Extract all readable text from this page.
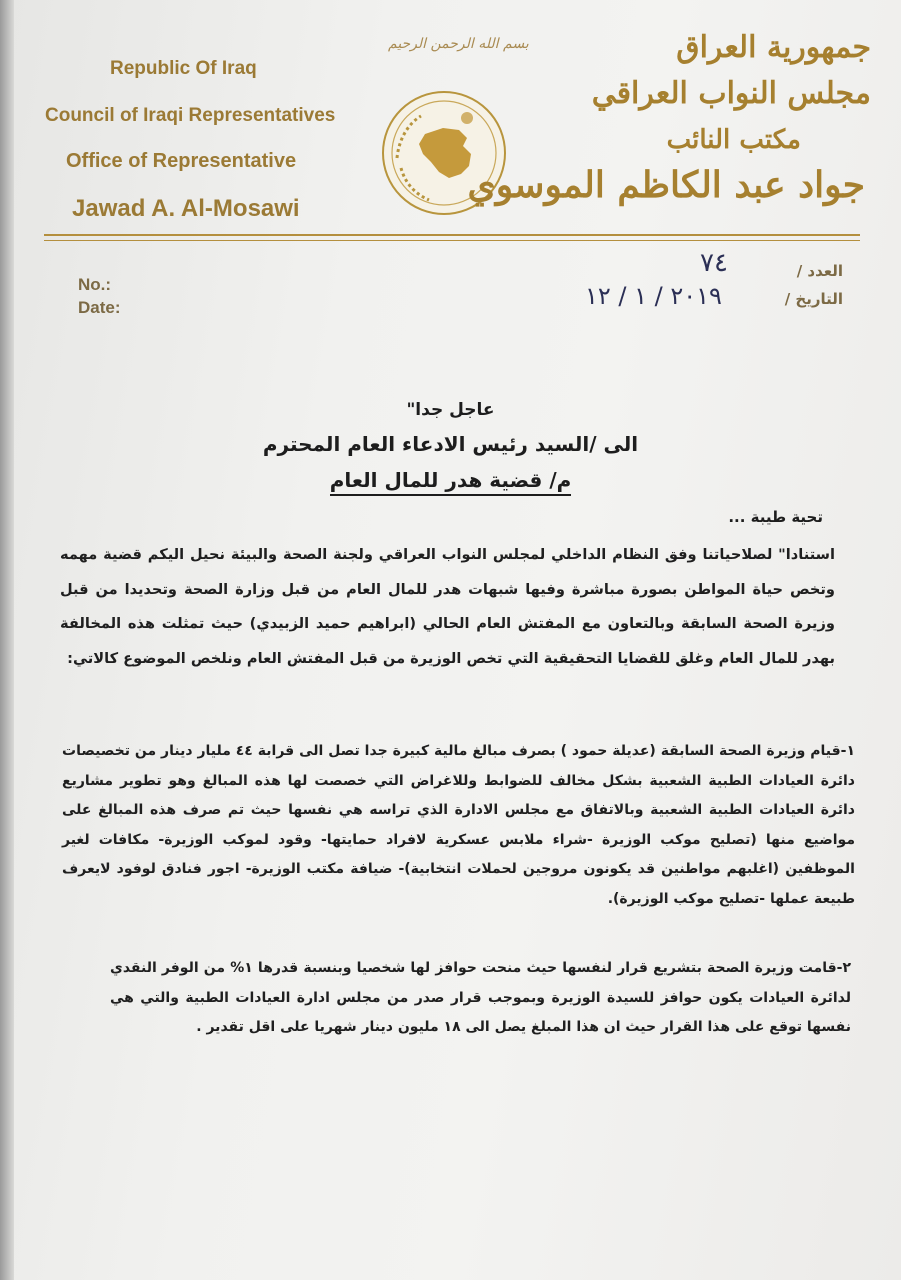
Republic Of Iraq
Council of Iraqi Representatives
Office of Representative
Jawad A. Al-Mosawi
بسم الله الرحمن الرحيم	جمهورية العراق
مجلس النواب العراقي
مكتب النائب
جواد عبد الكاظم الموسوي
No.:
Date:
العدد /
التاريخ /
٧٤
٢٠١٩ / ١ / ١٢
عاجل جدا"
الى /السيد رئيس الادعاء العام المحترم
م/ قضية هدر للمال العام
تحية طيبة ...
استنادا" لصلاحياتنا وفق النظام الداخلي لمجلس النواب العراقي ولجنة الصحة والبيئة نحيل اليكم قضية مهمه وتخص حياة المواطن بصورة مباشرة وفيها شبهات هدر للمال العام من قبل وزارة الصحة وتحديدا من قبل وزيرة الصحة السابقة وبالتعاون مع المفتش العام الحالي (ابراهيم حميد الزبيدي) حيث تمثلت هذه المخالفة بهدر للمال العام وغلق للقضايا التحقيقية التي تخص الوزيرة من قبل المفتش العام ونلخص الموضوع كالاتي:
١-قيام وزيرة الصحة السابقة (عديلة حمود ) بصرف مبالغ مالية كبيرة جدا تصل الى قرابة ٤٤ مليار دينار من تخصيصات دائرة العيادات الطبية الشعبية بشكل مخالف للضوابط وللاغراض التي خصصت لها هذه المبالغ وهو تطوير مشاريع دائرة العيادات الطبية الشعبية وبالاتفاق مع مجلس الادارة الذي تراسه هي نفسها حيث تم صرف هذه المبالغ على مواضيع منها (تصليح موكب الوزيرة -شراء ملابس عسكرية لافراد حمايتها- وقود لموكب الوزيرة- مكافات لغير الموظفين (اغلبهم مواطنين قد يكونون مروجين لحملات انتخابية)- ضيافة مكتب الوزيرة- اجور فنادق لوفود لايعرف طبيعة عملها -تصليح موكب الوزيرة).
٢-قامت وزيرة الصحة بتشريع قرار لنفسها حيث منحت حوافز لها شخصيا وبنسبة قدرها ١% من الوفر النقدي لدائرة العيادات يكون حوافز للسيدة الوزيرة وبموجب قرار صدر من مجلس ادارة العيادات الطبية والتي هي نفسها توقع على هذا القرار حيث ان هذا المبلغ يصل الى ١٨ مليون دينار شهريا على اقل تقدير .
